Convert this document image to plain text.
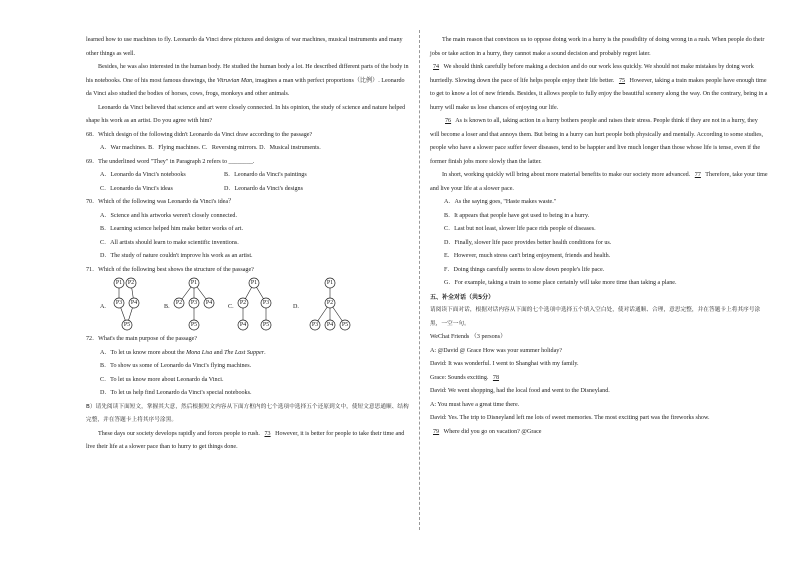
learned how to use machines to fly. Leonardo da Vinci drew pictures and designs of war machines, musical instruments and many other things as well.

Besides, he was also interested in the human body. He studied the human body a lot. He described different parts of the body in his notebooks. One of his most famous drawings, the Vitruvian Man, imagines a man with perfect proportions（比例）. Leonardo da Vinci also studied the bodies of horses, cows, frogs, monkeys and other animals.

Leonardo da Vinci believed that science and art were closely connected. In his opinion, the study of science and nature helped shape his work as an artist. Do you agree with him?

68．Which design of the following didn't Leonardo da Vinci draw according to the passage?

A．War machines. B．Flying machines. C．Reversing mirrors. D．Musical instruments.

69．The underlined word "They" in Paragraph 2 refers to ________.

A．Leonardo da Vinci's notebooks	B．Leonardo da Vinci's paintings
C．Leonardo da Vinci's ideas	D．Leonardo da Vinci's designs

70．Which of the following was Leonardo da Vinci's idea？

A．Science and his artworks weren't closely connected.

B．Learning science helped him make better works of art.

C．All artists should learn to make scientific inventions.

D．The study of nature couldn't improve his work as an artist.

71．Which of the following best shows the structure of the passage?

A.
P1 P2
P3 P4
P5
B.
P1
P2 P3 P4
P5
C.
P1
P2	P3
P4	P5
D.
P1
P2
P3 P4 P5

72．What's the main purpose of the passage?

A．To let us know more about the Mona Lisa and The Last Supper.

B．To show us some of Leonardo da Vinci's flying machines.

C．To let us know more about Leonardo da Vinci.

D．To let us help find Leonardo da Vinci's special notebooks.

B）请先阅读下面短文，掌握其大意，然后根据短文内容从下面方框内的七个选项中选择五个还原到文中，使短文意思通顺、结构完整，并在答题卡上将其序号涂黑。

These days our society develops rapidly and forces people to rush. 73 However, it is better for people to take their time and live their life at a slower pace than to hurry to get things done.

The main reason that convinces us to oppose doing work in a hurry is the possibility of doing wrong in a rush. When people do their jobs or take action in a hurry, they cannot make a sound decision and probably regret later.

74 We should think carefully before making a decision and do our work less quickly. We should not make mistakes by doing work hurriedly. Slowing down the pace of life helps people enjoy their life better. 75 However, taking a train makes people have enough time to get to know a lot of new friends. Besides, it allows people to fully enjoy the beautiful scenery along the way. On the contrary, being in a hurry will make us lose chances of enjoying our life.

76 As is known to all, taking action in a hurry bothers people and raises their stress. People think if they are not in a hurry, they will become a loser and that annoys them. But being in a hurry can hurt people both physically and mentally. According to some studies, people who have a slower pace suffer fewer diseases, tend to be happier and live much longer than those whose life is tense, even if the former finish jobs more slowly than the latter.

In short, working quickly will bring about more material benefits to make our society more advanced. 77 Therefore, take your time and live your life at a slower pace.

A．As the saying goes, "Haste makes waste."

B．It appears that people have got used to being in a hurry.

C．Last but not least, slower life pace rids people of diseases.

D．Finally, slower life pace provides better health conditions for us.

E．However, much stress can't bring enjoyment, friends and health.

F．Doing things carefully seems to slow down people's life pace.

G．For example, taking a train to some place certainly will take more time than taking a plane.

五、补全对话（共5分）

请阅读下面对话，根据对话内容从下面的七个选项中选择五个填入空白处，使对话通顺、合理，意思完整，并在答题卡上将其序号涂黑，一空一句。

WeChat Friends （3 persons）

A: @David @ Grace How was your summer holiday?

David: It was wonderful. I went to Shanghai with my family.

Grace: Sounds exciting. 78

David: We went shopping, had the local food and went to the Disneyland.

A: You must have a great time there.

David: Yes. The trip to Disneyland left me lots of sweet memories. The most exciting part was the fireworks show.

79 Where did you go on vacation? @Grace
